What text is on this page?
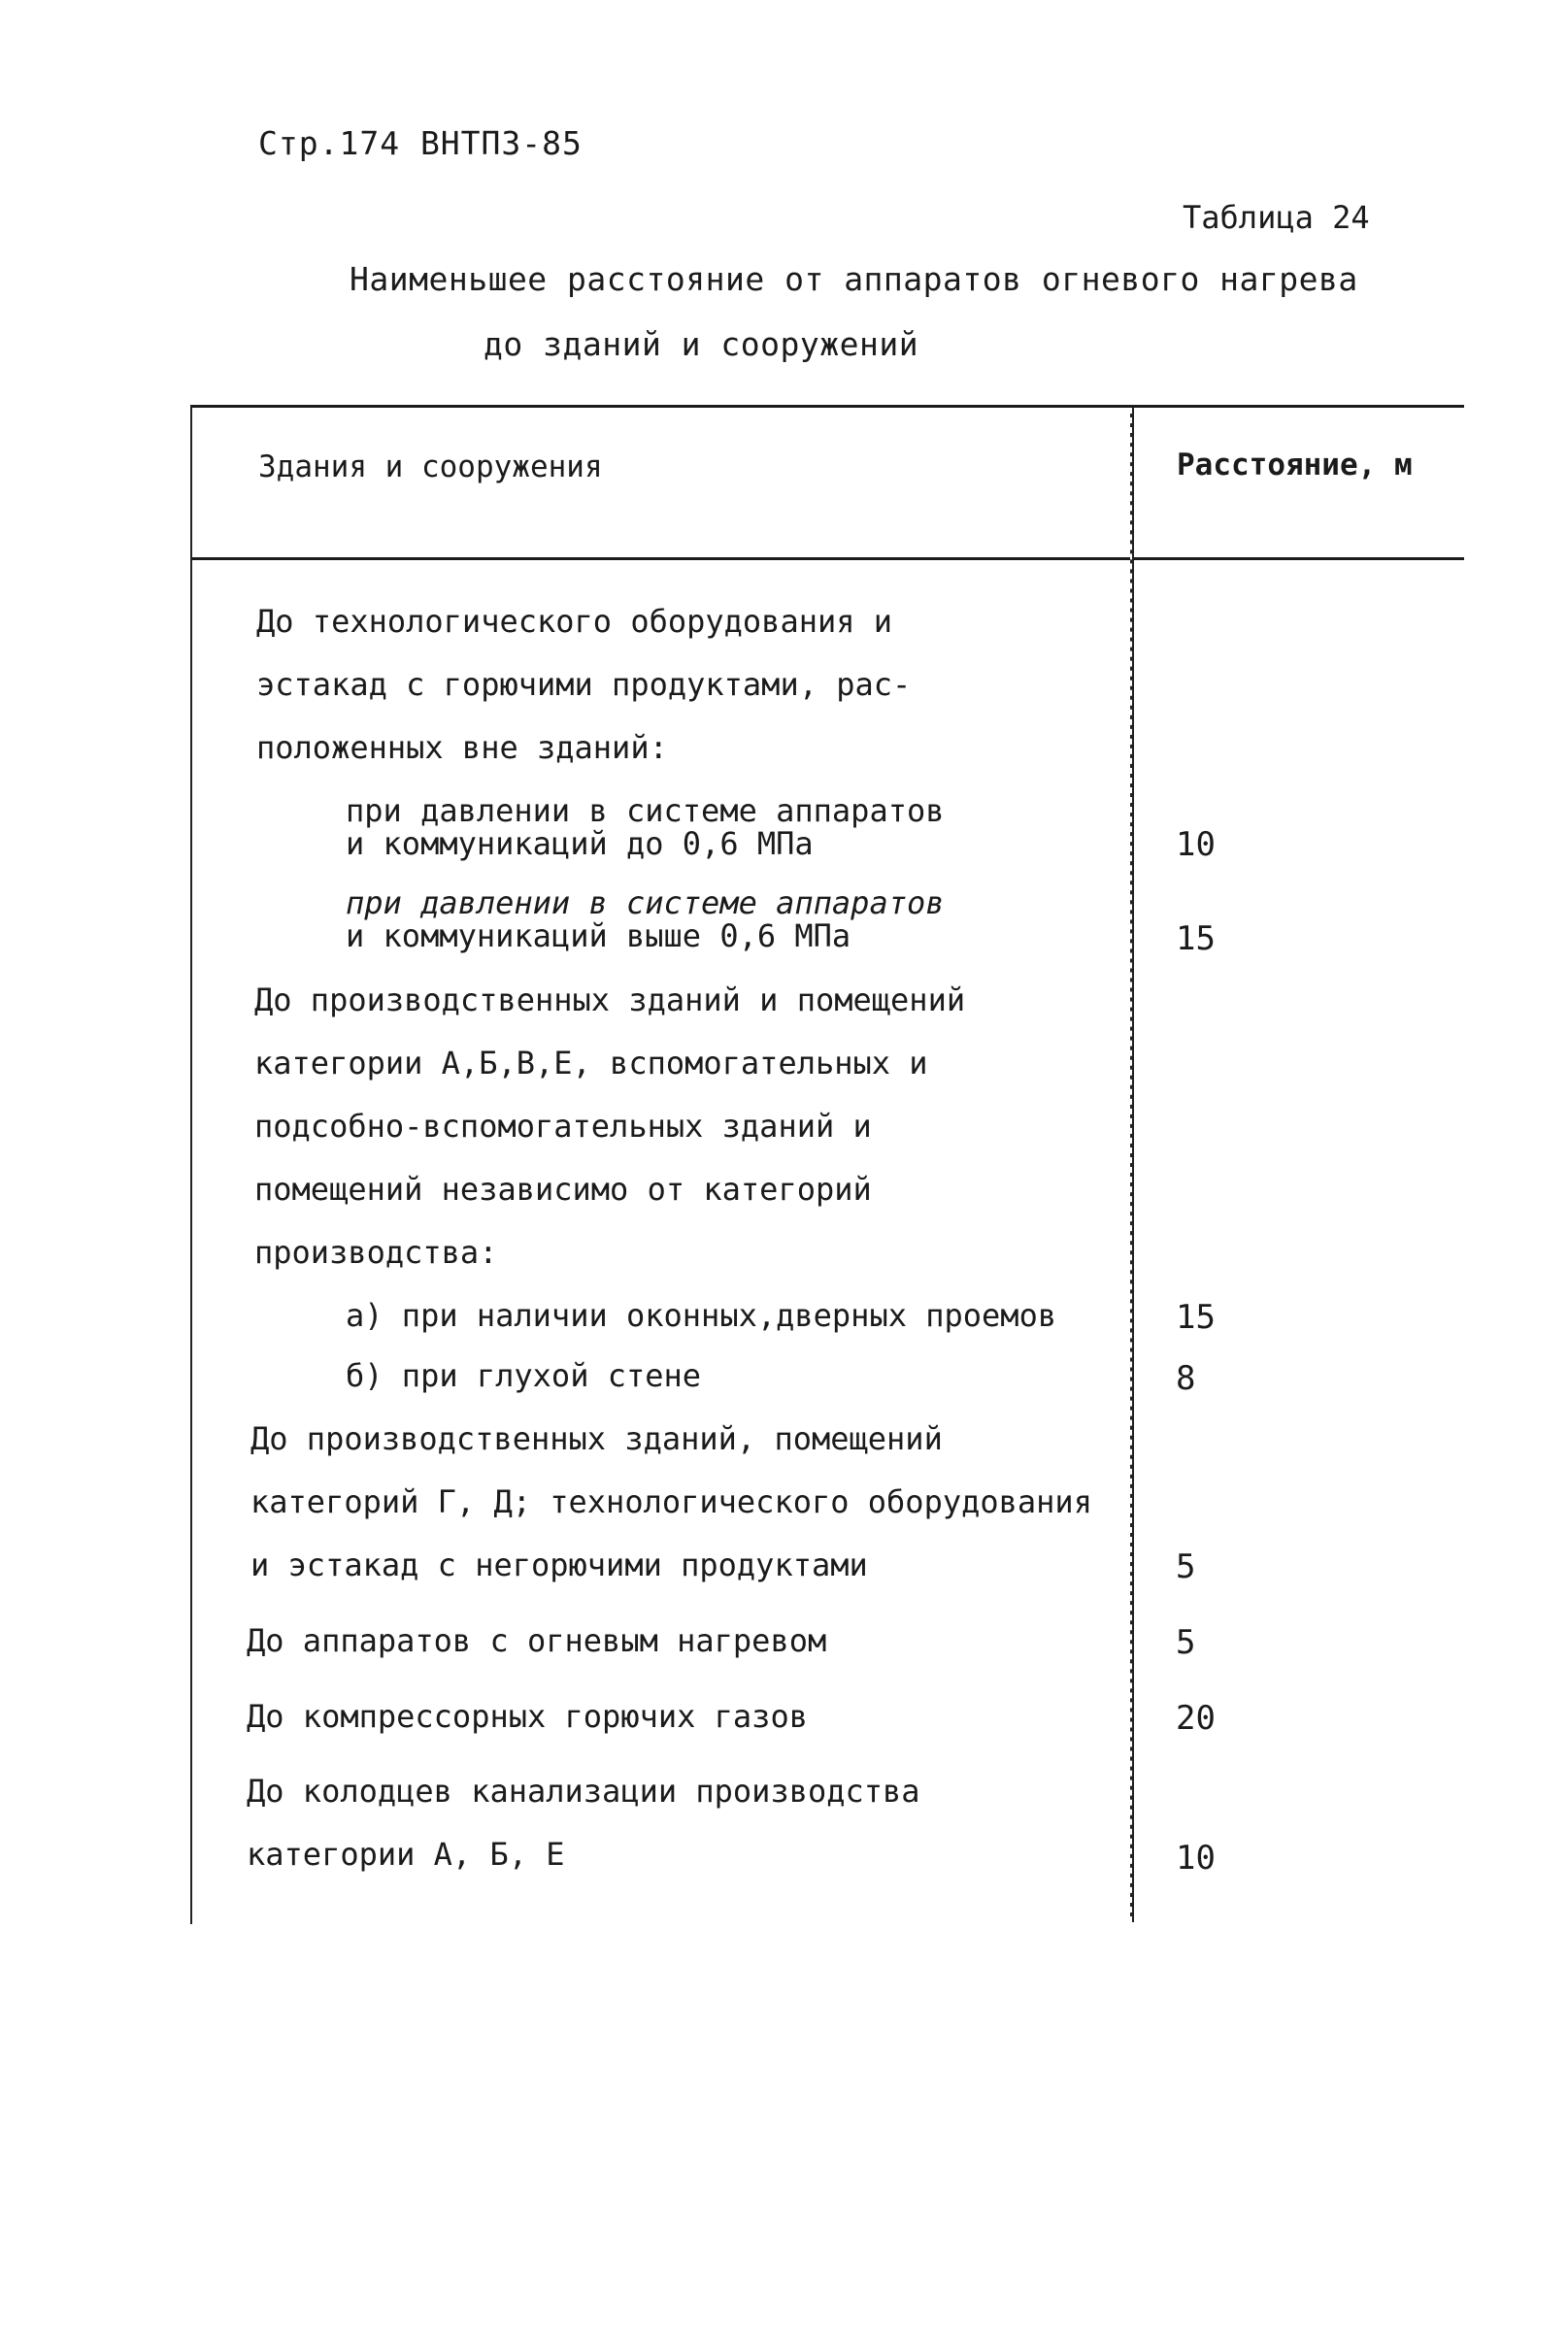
Стр.174 ВНТП3-85
Таблица 24
Наименьшее расстояние от аппаратов огневого нагрева
до зданий и сооружений
Здания и сооружения	Расстояние, м
До технологического оборудования и
эстакад с горючими продуктами, рас-
положенных вне зданий:
при давлении в системе аппаратов
и коммуникаций до 0,6 МПа	10
при давлении в системе аппаратов
и коммуникаций выше 0,6 МПа	15
До производственных зданий и помещений
категории А,Б,В,Е, вспомогательных и
подсобно-вспомогательных зданий и
помещений независимо от категорий
производства:
а) при наличии оконных,дверных проемов	15
б) при глухой стене	8
До производственных зданий, помещений
категорий Г, Д; технологического оборудования
и эстакад с негорючими продуктами	5
До аппаратов с огневым нагревом	5
До компрессорных горючих газов	20
До колодцев канализации производства
категории А, Б, Е	10
